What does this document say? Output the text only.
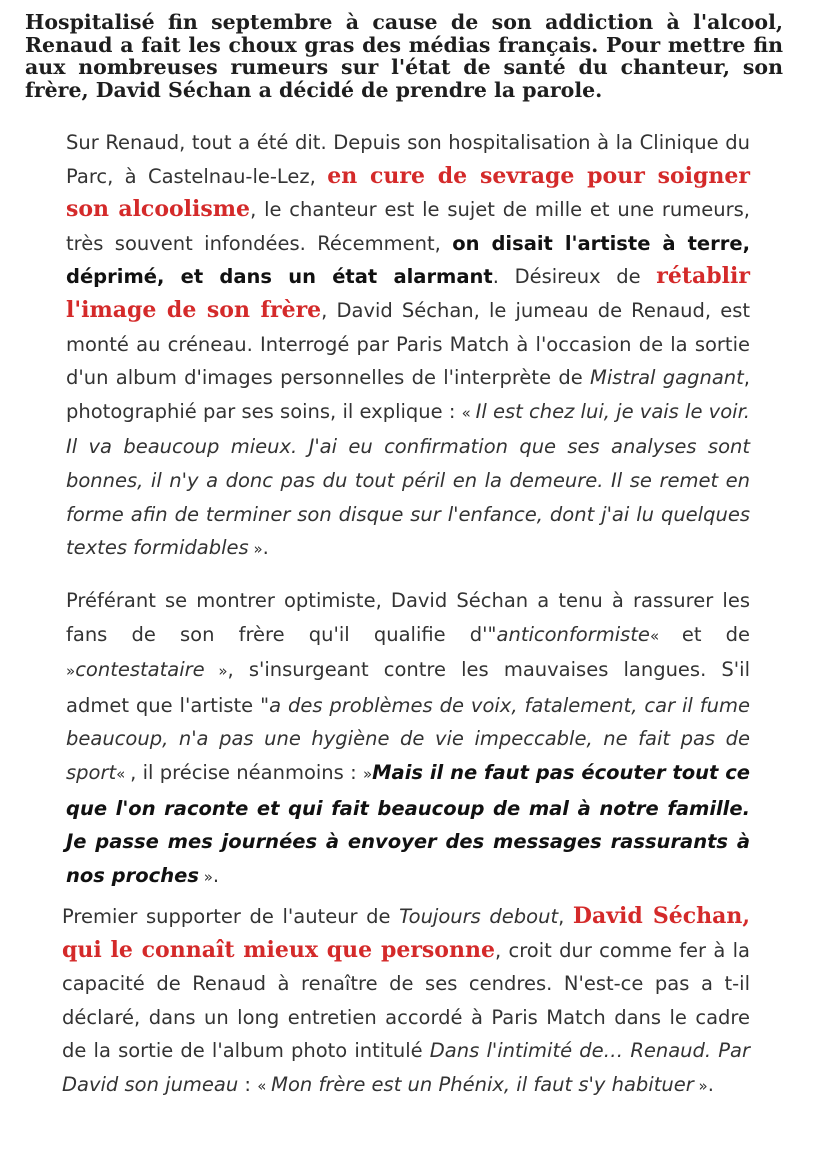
Hospitalisé fin septembre à cause de son addiction à l'alcool, Renaud a fait les choux gras des médias français. Pour mettre fin aux nombreuses rumeurs sur l'état de santé du chanteur, son frère, David Séchan a décidé de prendre la parole.

Sur Renaud, tout a été dit. Depuis son hospitalisation à la Clinique du Parc, à Castelnau-le-Lez, en cure de sevrage pour soigner son alcoolisme, le chanteur est le sujet de mille et une rumeurs, très souvent infondées. Récemment, on disait l'artiste à terre, déprimé, et dans un état alarmant. Désireux de rétablir l'image de son frère, David Séchan, le jumeau de Renaud, est monté au créneau. Interrogé par Paris Match à l'occasion de la sortie d'un album d'images personnelles de l'interprète de Mistral gagnant, photographié par ses soins, il explique : « Il est chez lui, je vais le voir. Il va beaucoup mieux. J'ai eu confirmation que ses analyses sont bonnes, il n'y a donc pas du tout péril en la demeure. Il se remet en forme afin de terminer son disque sur l'enfance, dont j'ai lu quelques textes formidables ».

Préférant se montrer optimiste, David Séchan a tenu à rassurer les fans de son frère qu'il qualifie d'"anticonformiste« et de »contestataire », s'insurgeant contre les mauvaises langues. S'il admet que l'artiste "a des problèmes de voix, fatalement, car il fume beaucoup, n'a pas une hygiène de vie impeccable, ne fait pas de sport« , il précise néanmoins : »Mais il ne faut pas écouter tout ce que l'on raconte et qui fait beaucoup de mal à notre famille. Je passe mes journées à envoyer des messages rassurants à nos proches ».

Premier supporter de l'auteur de Toujours debout, David Séchan, qui le connaît mieux que personne, croit dur comme fer à la capacité de Renaud à renaître de ses cendres. N'est-ce pas a t-il déclaré, dans un long entretien accordé à Paris Match dans le cadre de la sortie de l'album photo intitulé Dans l'intimité de… Renaud. Par David son jumeau : « Mon frère est un Phénix, il faut s'y habituer ».
